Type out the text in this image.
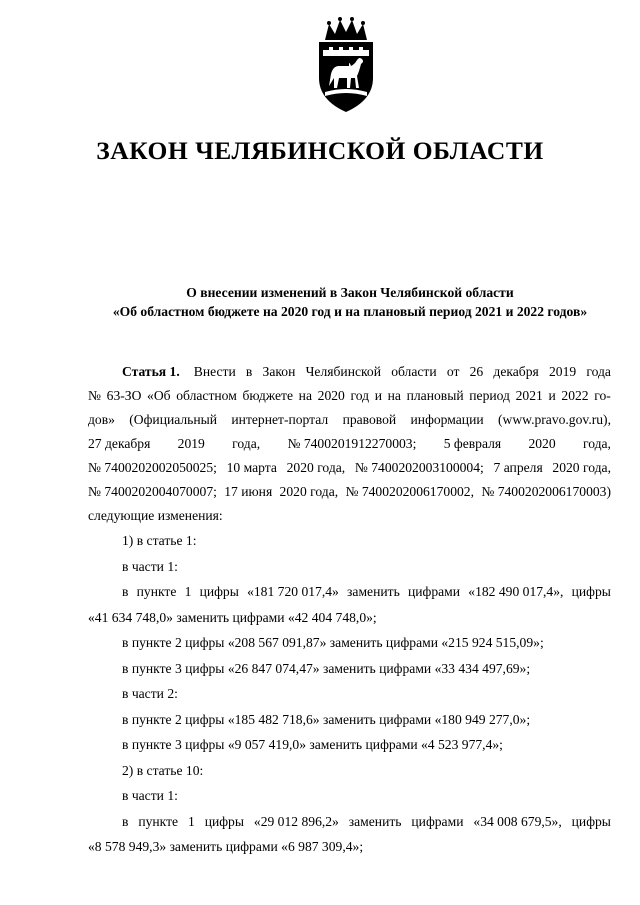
ЗАКОН ЧЕЛЯБИНСКОЙ ОБЛАСТИ
О внесении изменений в Закон Челябинской области
«Об областном бюджете на 2020 год и на плановый период 2021 и 2022 годов»
Статья 1. Внести в Закон Челябинской области от 26 декабря 2019 года
№ 63-ЗО «Об областном бюджете на 2020 год и на плановый период 2021 и 2022 го-
дов» (Официальный интернет-портал правовой информации (www.pravo.gov.ru),
27 декабря 2019 года, № 7400201912270003; 5 февраля 2020 года,
№ 7400202002050025; 10 марта 2020 года, № 7400202003100004; 7 апреля 2020 года,
№ 7400202004070007; 17 июня 2020 года, № 7400202006170002, № 7400202006170003)
следующие изменения:
1) в статье 1:
в части 1:
в пункте 1 цифры «181 720 017,4» заменить цифрами «182 490 017,4», цифры
«41 634 748,0» заменить цифрами «42 404 748,0»;
в пункте 2 цифры «208 567 091,87» заменить цифрами «215 924 515,09»;
в пункте 3 цифры «26 847 074,47» заменить цифрами «33 434 497,69»;
в части 2:
в пункте 2 цифры «185 482 718,6» заменить цифрами «180 949 277,0»;
в пункте 3 цифры «9 057 419,0» заменить цифрами «4 523 977,4»;
2) в статье 10:
в части 1:
в пункте 1 цифры «29 012 896,2» заменить цифрами «34 008 679,5», цифры
«8 578 949,3» заменить цифрами «6 987 309,4»;
